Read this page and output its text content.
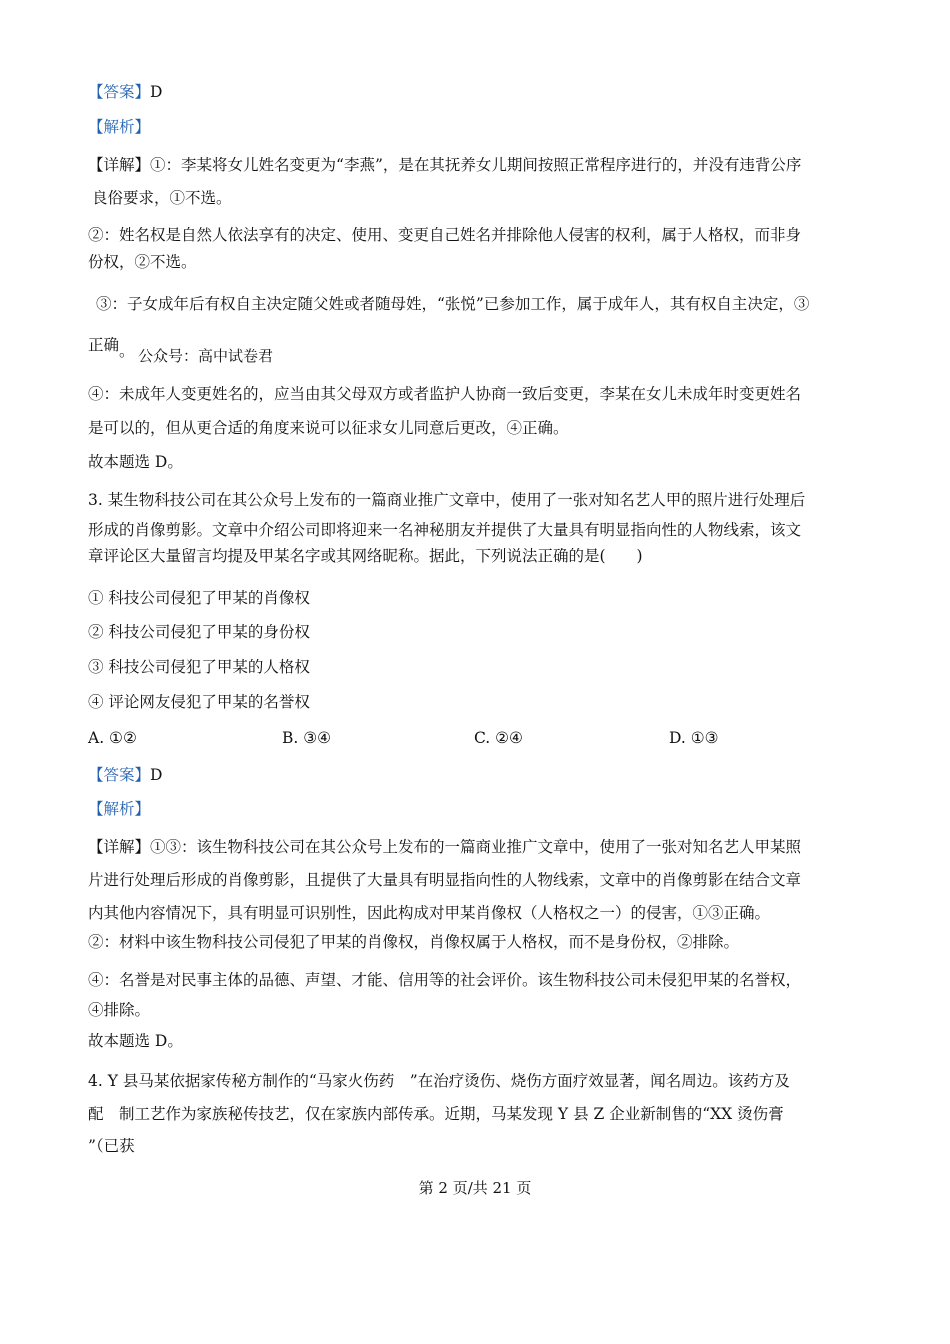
【答案】D
【解析】
【详解】①：李某将女儿姓名变更为“李燕”，是在其抚养女儿期间按照正常程序进行的，并没有违背公序
良俗要求，①不选。
②：姓名权是自然人依法享有的决定、使用、变更自己姓名并排除他人侵害的权利，属于人格权，而非身
份权，②不选。
③：子女成年后有权自主决定随父姓或者随母姓，“张悦”已参加工作，属于成年人，其有权自主决定，③
正确。 公众号：高中试卷君
④：未成年人变更姓名的，应当由其父母双方或者监护人协商一致后变更，李某在女儿未成年时变更姓名
是可以的，但从更合适的角度来说可以征求女儿同意后更改，④正确。
故本题选 D。
3. 某生物科技公司在其公众号上发布的一篇商业推广文章中，使用了一张对知名艺人甲的照片进行处理后
形成的肖像剪影。文章中介绍公司即将迎来一名神秘朋友并提供了大量具有明显指向性的人物线索，该文
章评论区大量留言均提及甲某名字或其网络昵称。据此，下列说法正确的是(　　)
① 科技公司侵犯了甲某的肖像权
② 科技公司侵犯了甲某的身份权
③ 科技公司侵犯了甲某的人格权
④ 评论网友侵犯了甲某的名誉权
A. ①②	B. ③④	C. ②④	D. ①③
【答案】D
【解析】
【详解】①③：该生物科技公司在其公众号上发布的一篇商业推广文章中，使用了一张对知名艺人甲某照
片进行处理后形成的肖像剪影，且提供了大量具有明显指向性的人物线索，文章中的肖像剪影在结合文章
内其他内容情况下，具有明显可识别性，因此构成对甲某肖像权（人格权之一）的侵害，①③正确。
②：材料中该生物科技公司侵犯了甲某的肖像权，肖像权属于人格权，而不是身份权，②排除。
④：名誉是对民事主体的品德、声望、才能、信用等的社会评价。该生物科技公司未侵犯甲某的名誉权，
④排除。
故本题选 D。
4. Y 县马某依据家传秘方制作的“马家火伤药　”在治疗烫伤、烧伤方面疗效显著，闻名周边。该药方及
配　制工艺作为家族秘传技艺，仅在家族内部传承。近期，马某发现 Y 县 Z 企业新制售的“XX 烫伤膏
”（已获
第 2 页/共 21 页
